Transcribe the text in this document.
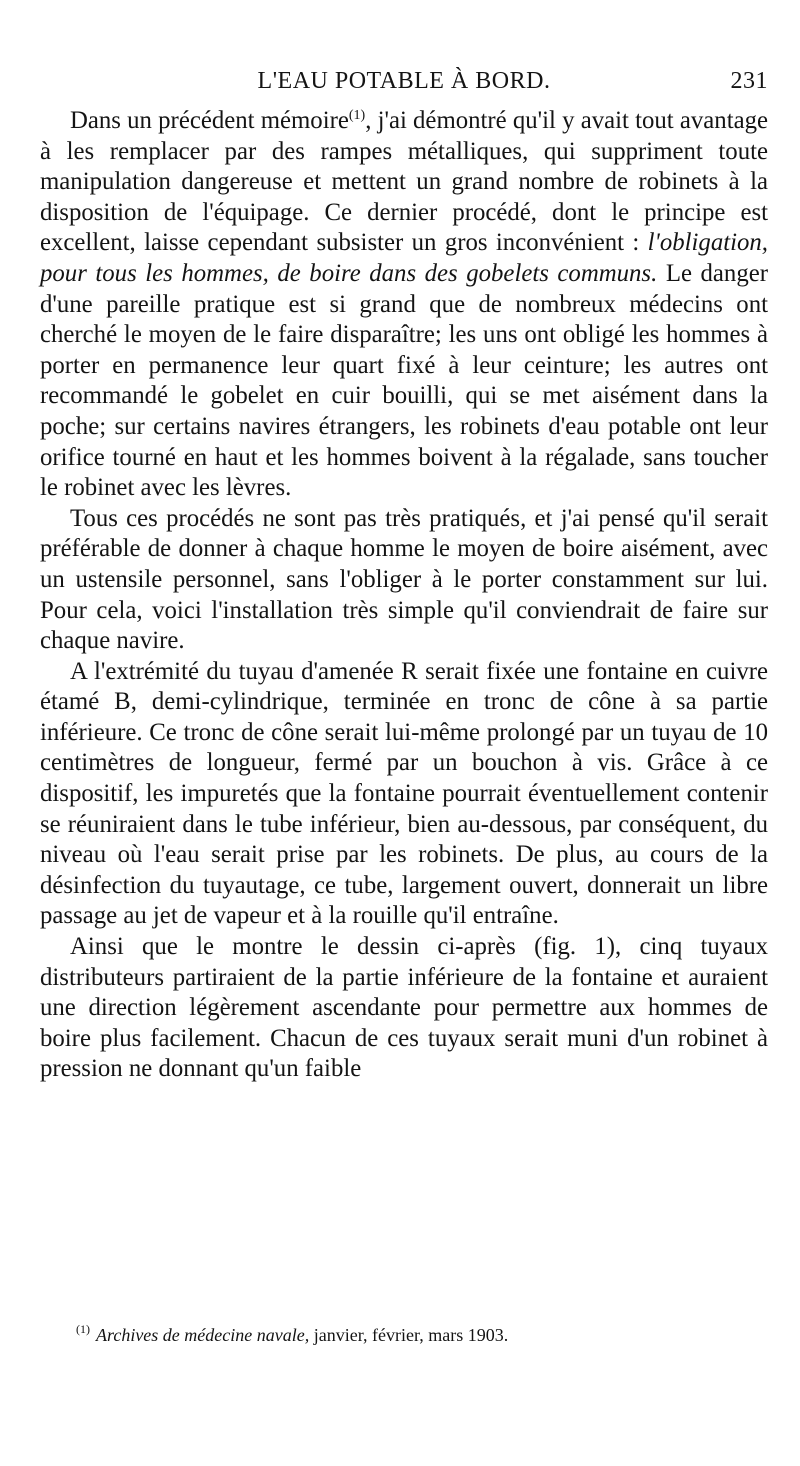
L'EAU POTABLE À BORD.	231

Dans un précédent mémoire$^{(1)}$, j'ai démontré qu'il y avait tout avantage à les remplacer par des rampes métalliques, qui suppriment toute manipulation dangereuse et mettent un grand nombre de robinets à la disposition de l'équipage. Ce dernier procédé, dont le principe est excellent, laisse cependant subsister un gros inconvénient : l'obligation, pour tous les hommes, de boire dans des gobelets communs. Le danger d'une pareille pratique est si grand que de nombreux médecins ont cherché le moyen de le faire disparaître; les uns ont obligé les hommes à porter en permanence leur quart fixé à leur ceinture; les autres ont recommandé le gobelet en cuir bouilli, qui se met aisément dans la poche; sur certains navires étrangers, les robinets d'eau potable ont leur orifice tourné en haut et les hommes boivent à la régalade, sans toucher le robinet avec les lèvres.

Tous ces procédés ne sont pas très pratiqués, et j'ai pensé qu'il serait préférable de donner à chaque homme le moyen de boire aisément, avec un ustensile personnel, sans l'obliger à le porter constamment sur lui. Pour cela, voici l'installation très simple qu'il conviendrait de faire sur chaque navire.

A l'extrémité du tuyau d'amenée R serait fixée une fontaine en cuivre étamé B, demi-cylindrique, terminée en tronc de cône à sa partie inférieure. Ce tronc de cône serait lui-même prolongé par un tuyau de 10 centimètres de longueur, fermé par un bouchon à vis. Grâce à ce dispositif, les impuretés que la fontaine pourrait éventuellement contenir se réuniraient dans le tube inférieur, bien au-dessous, par conséquent, du niveau où l'eau serait prise par les robinets. De plus, au cours de la désinfection du tuyautage, ce tube, largement ouvert, donnerait un libre passage au jet de vapeur et à la rouille qu'il entraîne.

Ainsi que le montre le dessin ci-après (fig. 1), cinq tuyaux distributeurs partiraient de la partie inférieure de la fontaine et auraient une direction légèrement ascendante pour permettre aux hommes de boire plus facilement. Chacun de ces tuyaux serait muni d'un robinet à pression ne donnant qu'un faible

$^{(1)}$ Archives de médecine navale, janvier, février, mars 1903.
